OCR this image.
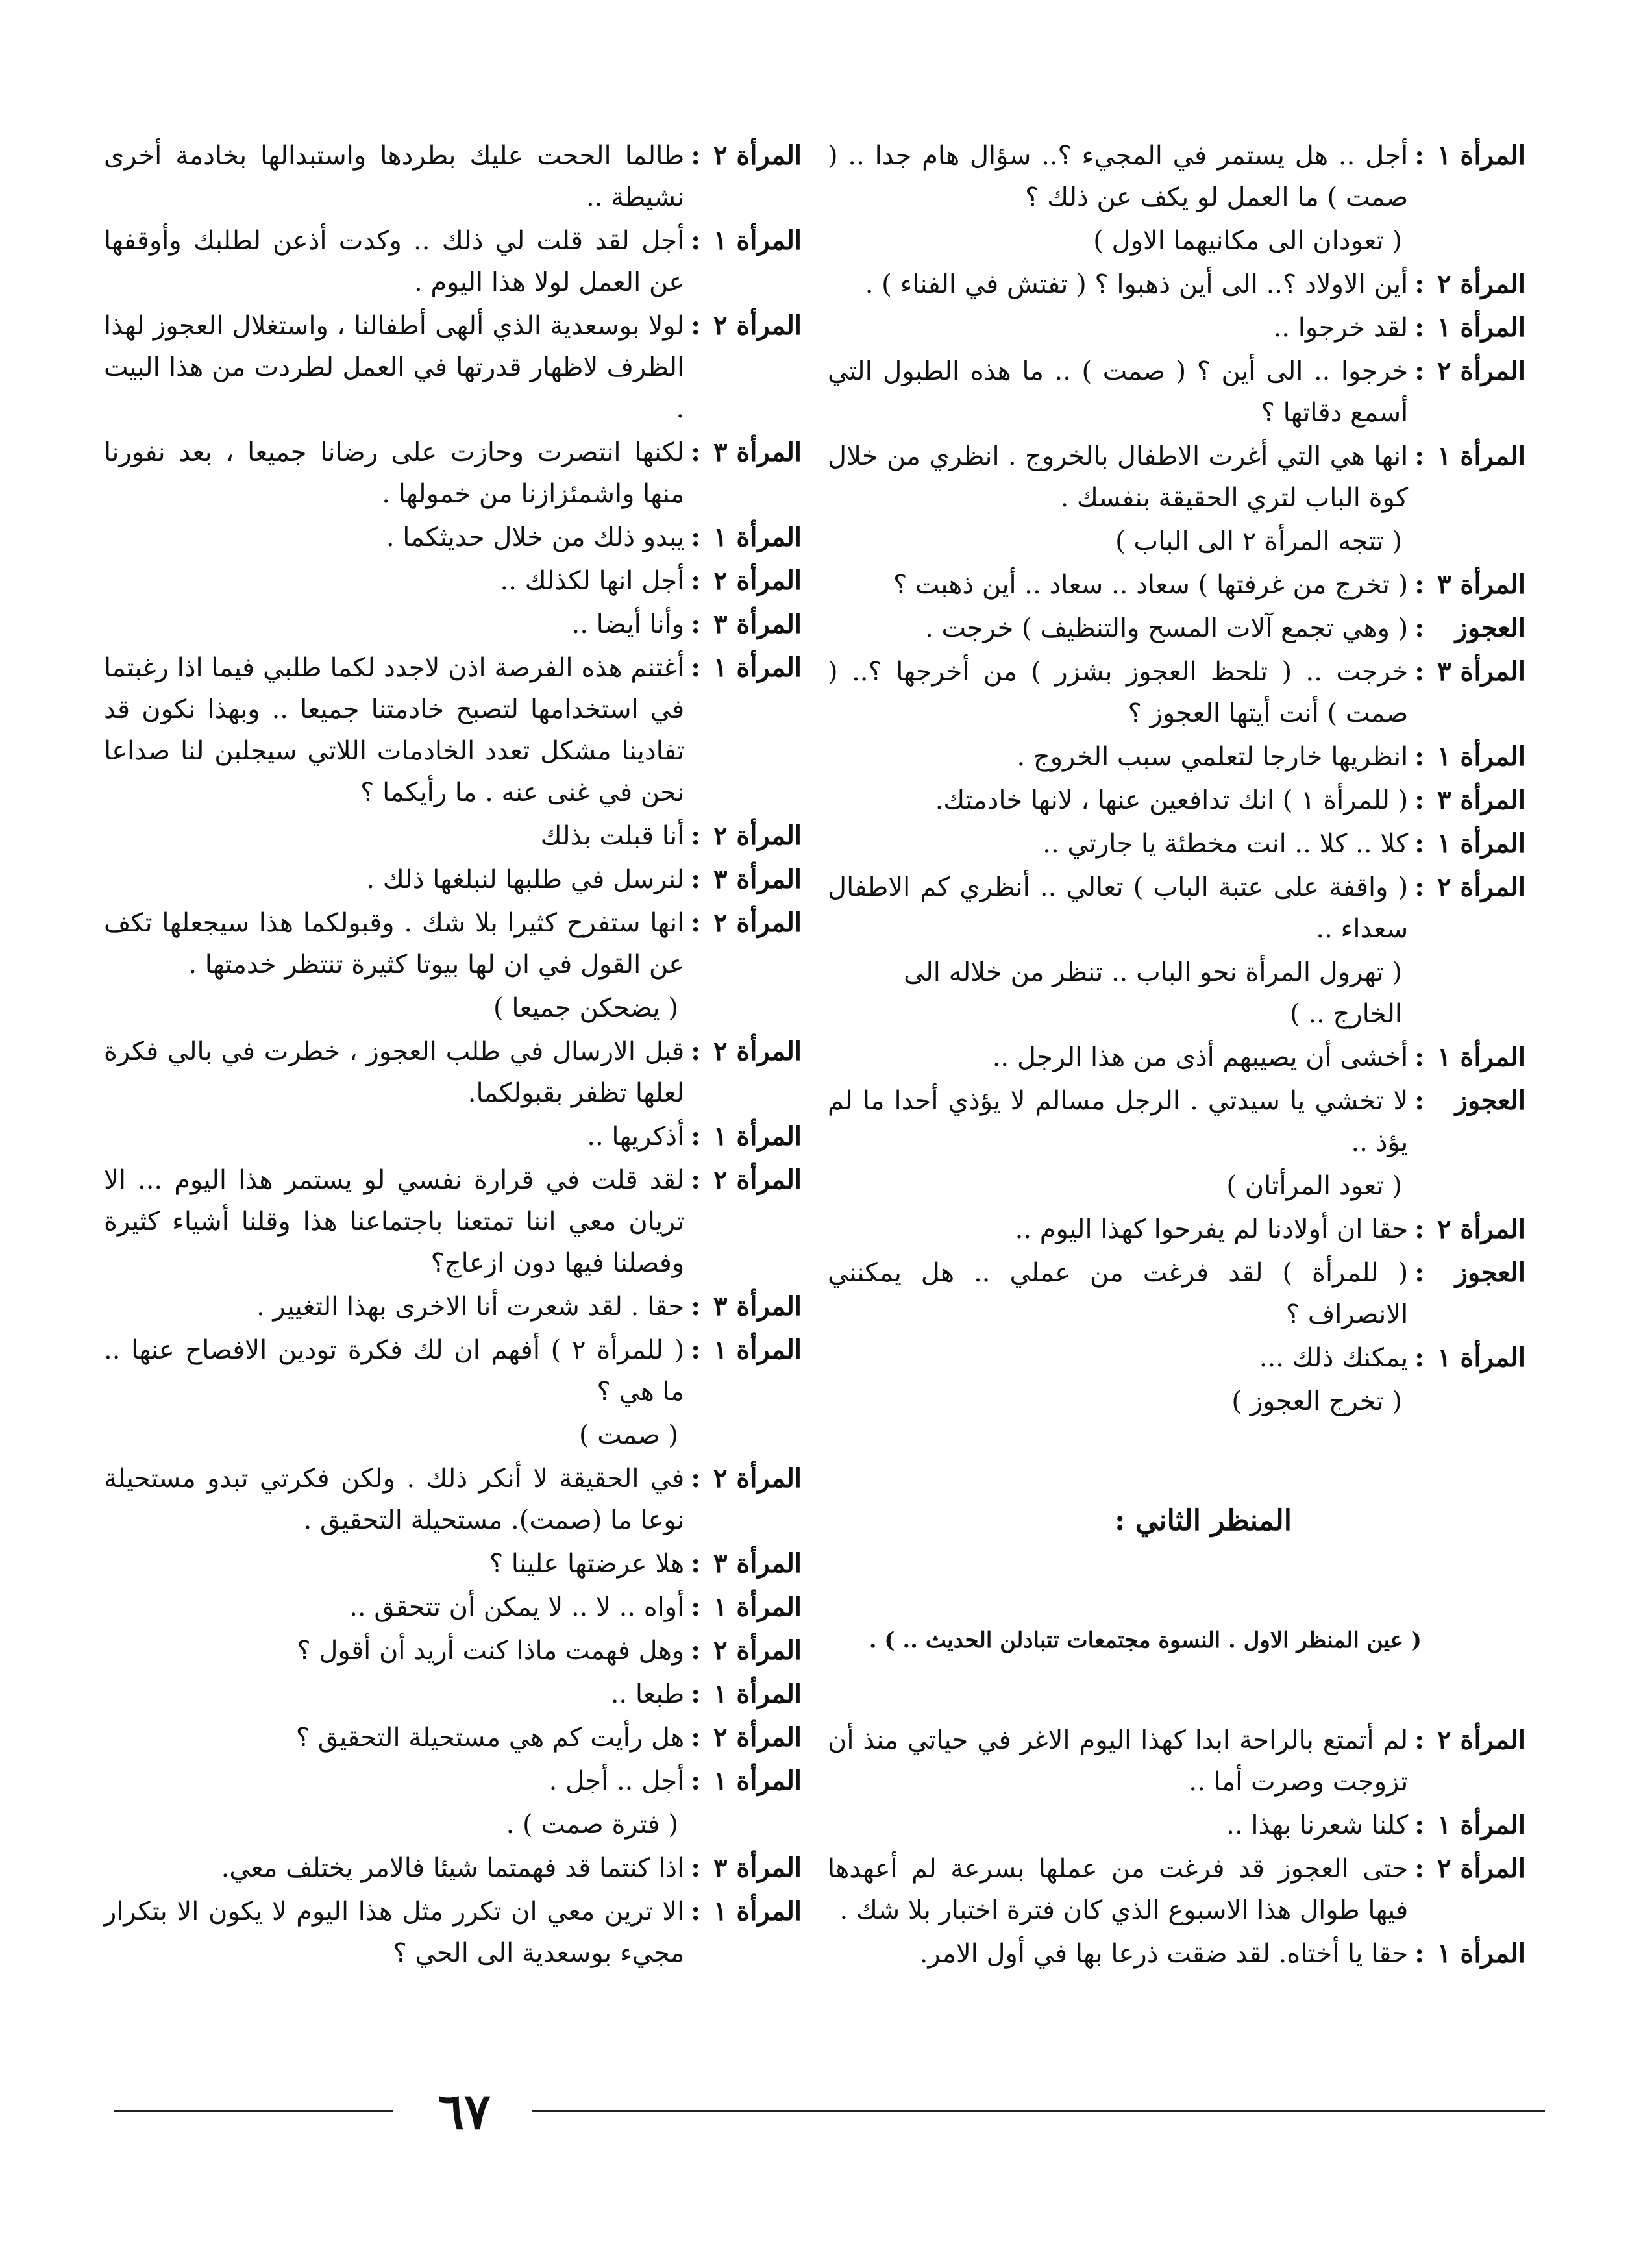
المرأة ١
:
أجل .. هل يستمر في المجيء ؟.. سؤال هام جدا .. ( صمت ) ما العمل لو يكف عن ذلك ؟
( تعودان الى مكانيهما الاول )
المرأة ٢
:
أين الاولاد ؟.. الى أين ذهبوا ؟ ( تفتش في الفناء ) .
المرأة ١
:
لقد خرجوا ..
المرأة ٢
:
خرجوا .. الى أين ؟ ( صمت ) .. ما هذه الطبول التي أسمع دقاتها ؟
المرأة ١
:
انها هي التي أغرت الاطفال بالخروج . انظري من خلال كوة الباب لتري الحقيقة بنفسك .
( تتجه المرأة ٢ الى الباب )
المرأة ٣
:
( تخرج من غرفتها ) سعاد .. سعاد .. أين ذهبت ؟
العجوز
:
( وهي تجمع آلات المسح والتنظيف ) خرجت .
المرأة ٣
:
خرجت .. ( تلحظ العجوز بشزر ) من أخرجها ؟.. ( صمت ) أنت أيتها العجوز ؟
المرأة ١
:
انظريها خارجا لتعلمي سبب الخروج .
المرأة ٣
:
( للمرأة ١ ) انك تدافعين عنها ، لانها خادمتك.
المرأة ١
:
كلا .. كلا .. انت مخطئة يا جارتي ..
المرأة ٢
:
( واقفة على عتبة الباب ) تعالي .. أنظري كم الاطفال سعداء ..
( تهرول المرأة نحو الباب .. تنظر من خلاله الى الخارج .. )
المرأة ١
:
أخشى أن يصيبهم أذى من هذا الرجل ..
العجوز
:
لا تخشي يا سيدتي . الرجل مسالم لا يؤذي أحدا ما لم يؤذ ..
( تعود المرأتان )
المرأة ٢
:
حقا ان أولادنا لم يفرحوا كهذا اليوم ..
العجوز
:
( للمرأة ) لقد فرغت من عملي .. هل يمكنني الانصراف ؟
المرأة ١
:
يمكنك ذلك ...
( تخرج العجوز )
المنظر الثاني :
( عين المنظر الاول . النسوة مجتمعات تتبادلن الحديث .. ) .
المرأة ٢
:
لم أتمتع بالراحة ابدا كهذا اليوم الاغر في حياتي منذ أن تزوجت وصرت أما ..
المرأة ١
:
كلنا شعرنا بهذا ..
المرأة ٢
:
حتى العجوز قد فرغت من عملها بسرعة لم أعهدها فيها طوال هذا الاسبوع الذي كان فترة اختبار بلا شك .
المرأة ١
:
حقا يا أختاه. لقد ضقت ذرعا بها في أول الامر.
المرأة ٢
:
طالما الححت عليك بطردها واستبدالها بخادمة أخرى نشيطة ..
المرأة ١
:
أجل لقد قلت لي ذلك .. وكدت أذعن لطلبك وأوقفها عن العمل لولا هذا اليوم .
المرأة ٢
:
لولا بوسعدية الذي ألهى أطفالنا ، واستغلال العجوز لهذا الظرف لاظهار قدرتها في العمل لطردت من هذا البيت .
المرأة ٣
:
لكنها انتصرت وحازت على رضانا جميعا ، بعد نفورنا منها واشمئزازنا من خمولها .
المرأة ١
:
يبدو ذلك من خلال حديثكما .
المرأة ٢
:
أجل انها لكذلك ..
المرأة ٣
:
وأنا أيضا ..
المرأة ١
:
أغتنم هذه الفرصة اذن لاجدد لكما طلبي فيما اذا رغبتما في استخدامها لتصبح خادمتنا جميعا .. وبهذا نكون قد تفادينا مشكل تعدد الخادمات اللاتي سيجلبن لنا صداعا نحن في غنى عنه . ما رأيكما ؟
المرأة ٢
:
أنا قبلت بذلك
المرأة ٣
:
لنرسل في طلبها لنبلغها ذلك .
المرأة ٢
:
انها ستفرح كثيرا بلا شك . وقبولكما هذا سيجعلها تكف عن القول في ان لها بيوتا كثيرة تنتظر خدمتها .
( يضحكن جميعا )
المرأة ٢
:
قبل الارسال في طلب العجوز ، خطرت في بالي فكرة لعلها تظفر بقبولكما.
المرأة ١
:
أذكريها ..
المرأة ٢
:
لقد قلت في قرارة نفسي لو يستمر هذا اليوم ... الا تريان معي اننا تمتعنا باجتماعنا هذا وقلنا أشياء كثيرة وفصلنا فيها دون ازعاج؟
المرأة ٣
:
حقا . لقد شعرت أنا الاخرى بهذا التغيير .
المرأة ١
:
( للمرأة ٢ ) أفهم ان لك فكرة تودين الافصاح عنها .. ما هي ؟
( صمت )
المرأة ٢
:
في الحقيقة لا أنكر ذلك . ولكن فكرتي تبدو مستحيلة نوعا ما (صمت). مستحيلة التحقيق .
المرأة ٣
:
هلا عرضتها علينا ؟
المرأة ١
:
أواه .. لا .. لا يمكن أن تتحقق ..
المرأة ٢
:
وهل فهمت ماذا كنت أريد أن أقول ؟
المرأة ١
:
طبعا ..
المرأة ٢
:
هل رأيت كم هي مستحيلة التحقيق ؟
المرأة ١
:
أجل .. أجل .
( فترة صمت ) .
المرأة ٣
:
اذا كنتما قد فهمتما شيئا فالامر يختلف معي.
المرأة ١
:
الا ترين معي ان تكرر مثل هذا اليوم لا يكون الا بتكرار مجيء بوسعدية الى الحي ؟
٦٧
